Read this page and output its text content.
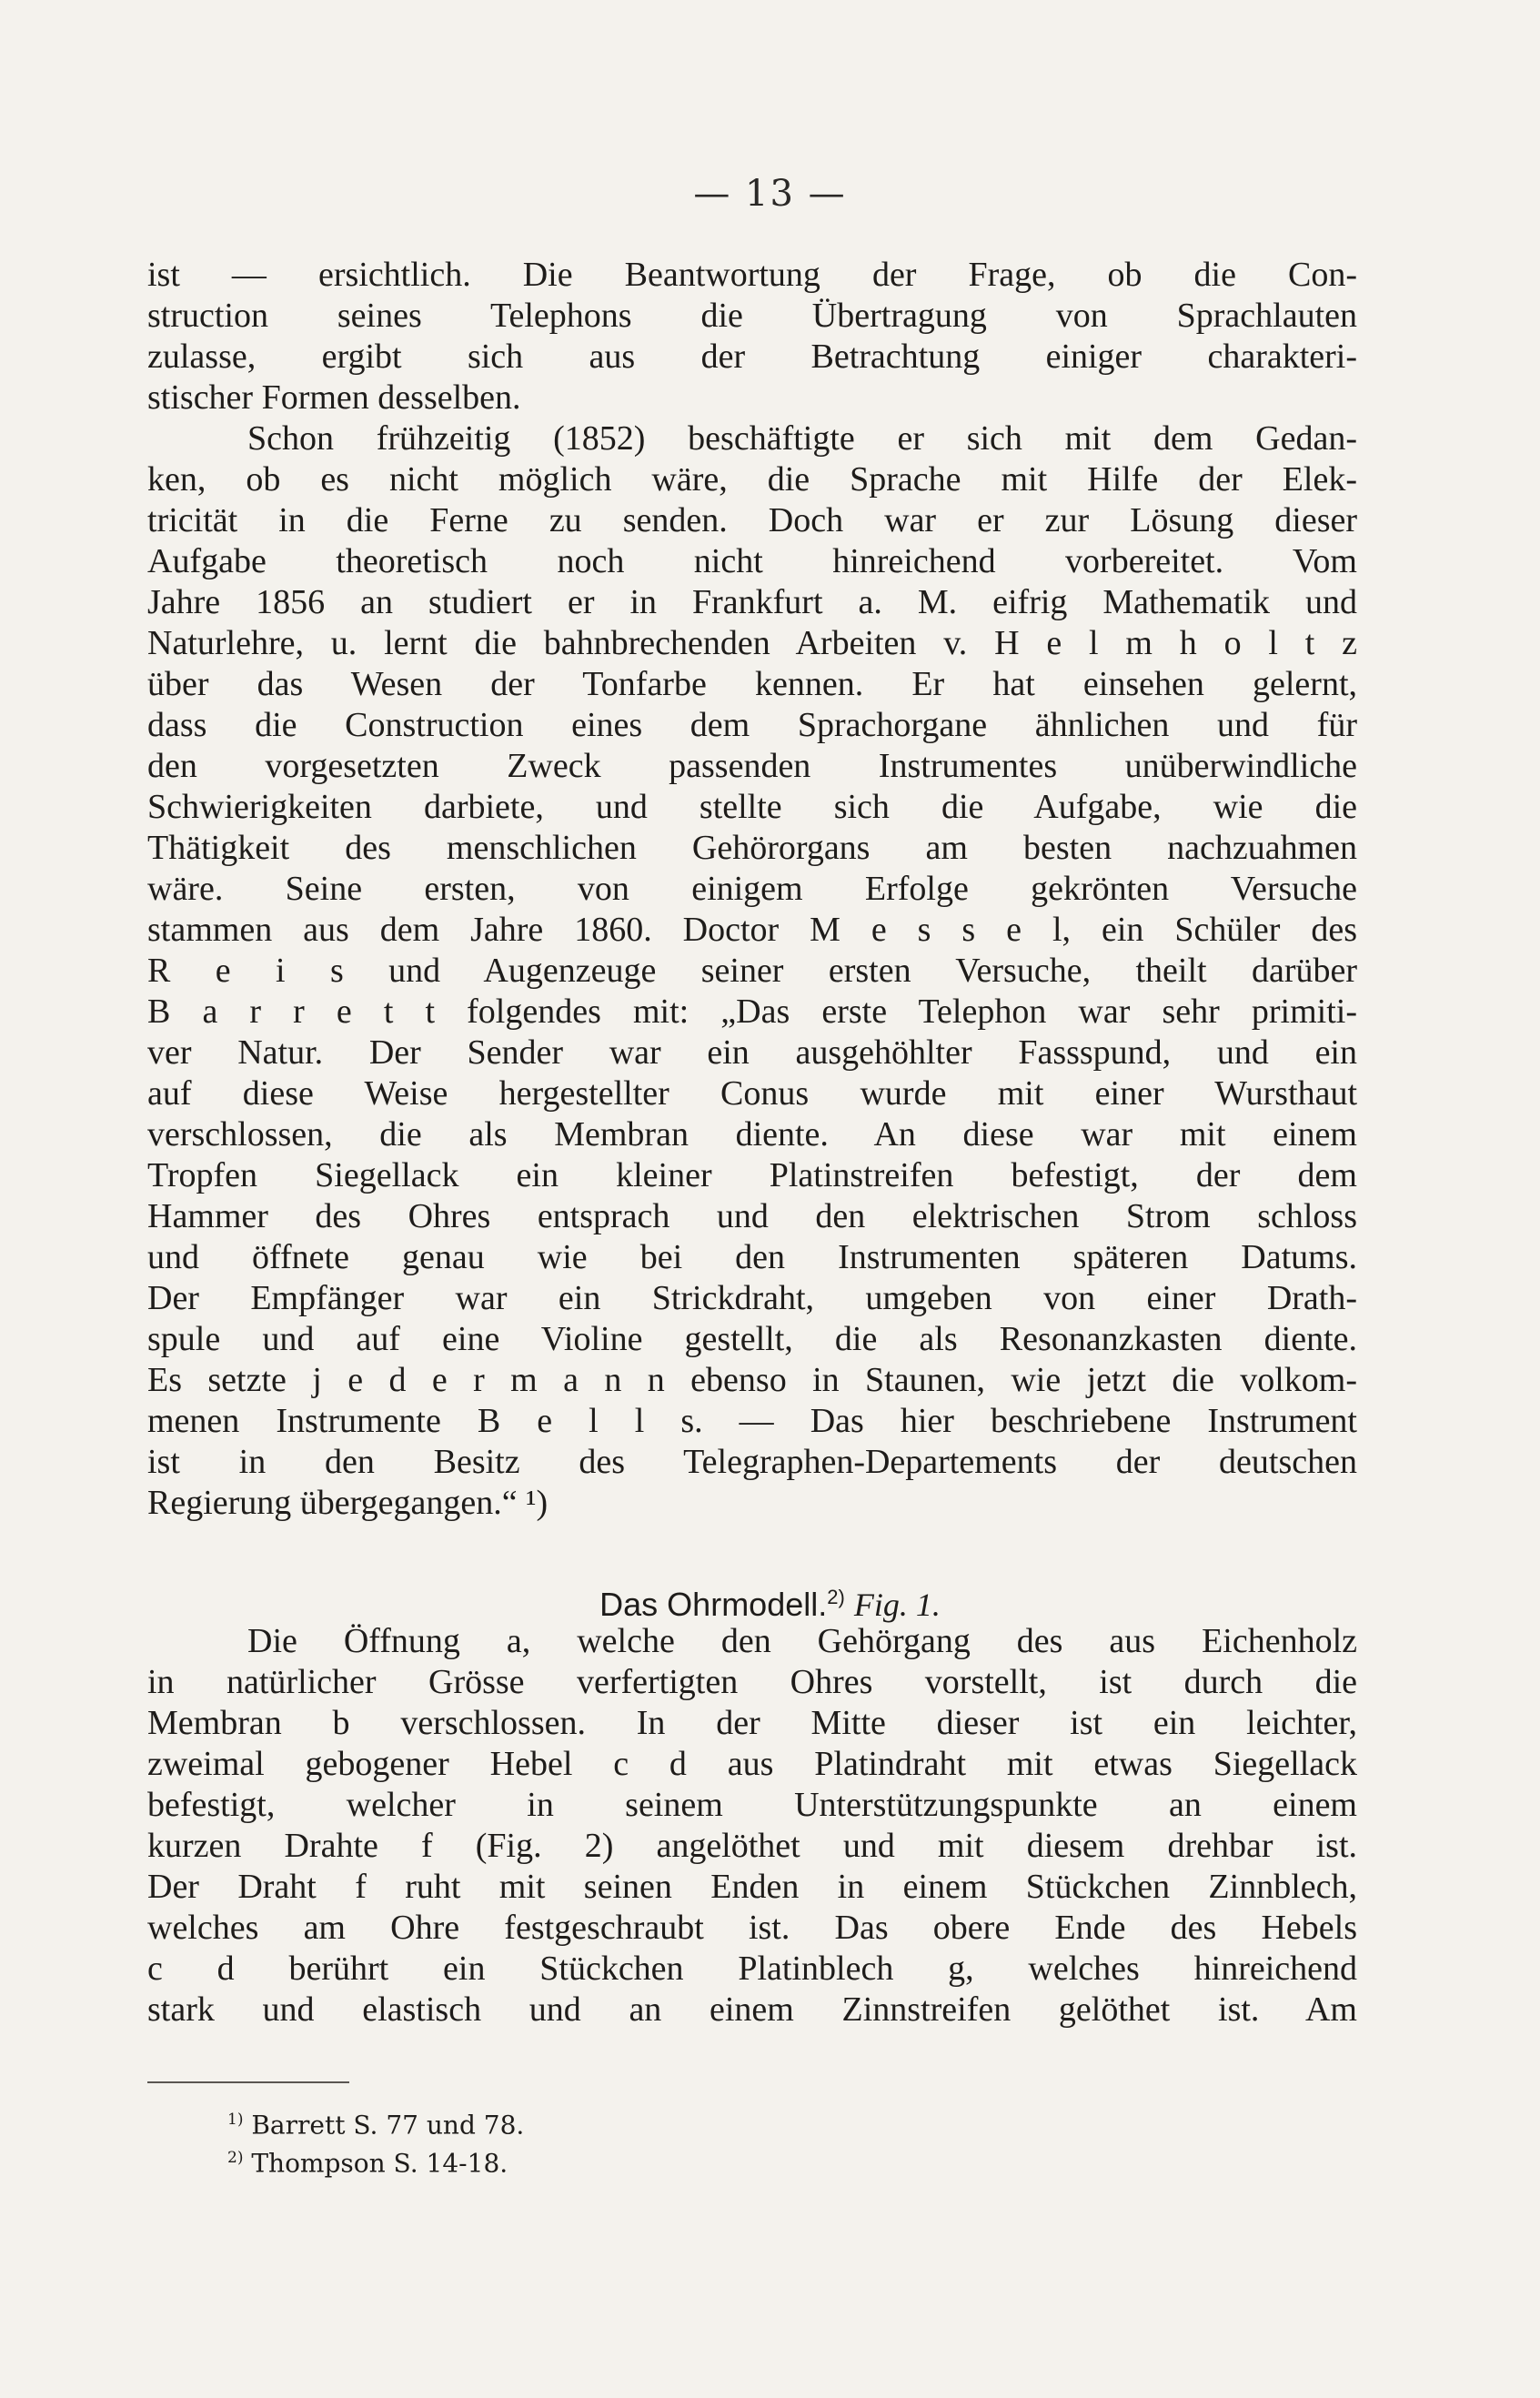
— 13 —
ist — ersichtlich. Die Beantwortung der Frage, ob die Con-
struction seines Telephons die Übertragung von Sprachlauten
zulasse, ergibt sich aus der Betrachtung einiger charakteri-
stischer Formen desselben.
Schon frühzeitig (1852) beschäftigte er sich mit dem Gedan-
ken, ob es nicht möglich wäre, die Sprache mit Hilfe der Elek-
tricität in die Ferne zu senden. Doch war er zur Lösung dieser
Aufgabe theoretisch noch nicht hinreichend vorbereitet. Vom
Jahre 1856 an studiert er in Frankfurt a. M. eifrig Mathematik und
Naturlehre, u. lernt die bahnbrechenden Arbeiten v. H e l m h o l t z
über das Wesen der Tonfarbe kennen. Er hat einsehen gelernt,
dass die Construction eines dem Sprachorgane ähnlichen und für
den vorgesetzten Zweck passenden Instrumentes unüberwindliche
Schwierigkeiten darbiete, und stellte sich die Aufgabe, wie die
Thätigkeit des menschlichen Gehörorgans am besten nachzuahmen
wäre. Seine ersten, von einigem Erfolge gekrönten Versuche
stammen aus dem Jahre 1860. Doctor M e s s e l, ein Schüler des
R e i s und Augenzeuge seiner ersten Versuche, theilt darüber
B a r r e t t folgendes mit: „Das erste Telephon war sehr primiti-
ver Natur. Der Sender war ein ausgehöhlter Fassspund, und ein
auf diese Weise hergestellter Conus wurde mit einer Wursthaut
verschlossen, die als Membran diente. An diese war mit einem
Tropfen Siegellack ein kleiner Platinstreifen befestigt, der dem
Hammer des Ohres entsprach und den elektrischen Strom schloss
und öffnete genau wie bei den Instrumenten späteren Datums.
Der Empfänger war ein Strickdraht, umgeben von einer Drath-
spule und auf eine Violine gestellt, die als Resonanzkasten diente.
Es setzte j e d e r m a n n ebenso in Staunen, wie jetzt die volkom-
menen Instrumente B e l l s. — Das hier beschriebene Instrument
ist in den Besitz des Telegraphen-Departements der deutschen
Regierung übergegangen.“ ¹)
Das Ohrmodell.$^{2)}$ Fig. 1.
Die Öffnung a, welche den Gehörgang des aus Eichenholz
in natürlicher Grösse verfertigten Ohres vorstellt, ist durch die
Membran b verschlossen. In der Mitte dieser ist ein leichter,
zweimal gebogener Hebel c d aus Platindraht mit etwas Siegellack
befestigt, welcher in seinem Unterstützungspunkte an einem
kurzen Drahte f (Fig. 2) angelöthet und mit diesem drehbar ist.
Der Draht f ruht mit seinen Enden in einem Stückchen Zinnblech,
welches am Ohre festgeschraubt ist. Das obere Ende des Hebels
c d berührt ein Stückchen Platinblech g, welches hinreichend
stark und elastisch und an einem Zinnstreifen gelöthet ist. Am
$^{1)}$ Barrett S. 77 und 78.
$^{2)}$ Thompson S. 14-18.
